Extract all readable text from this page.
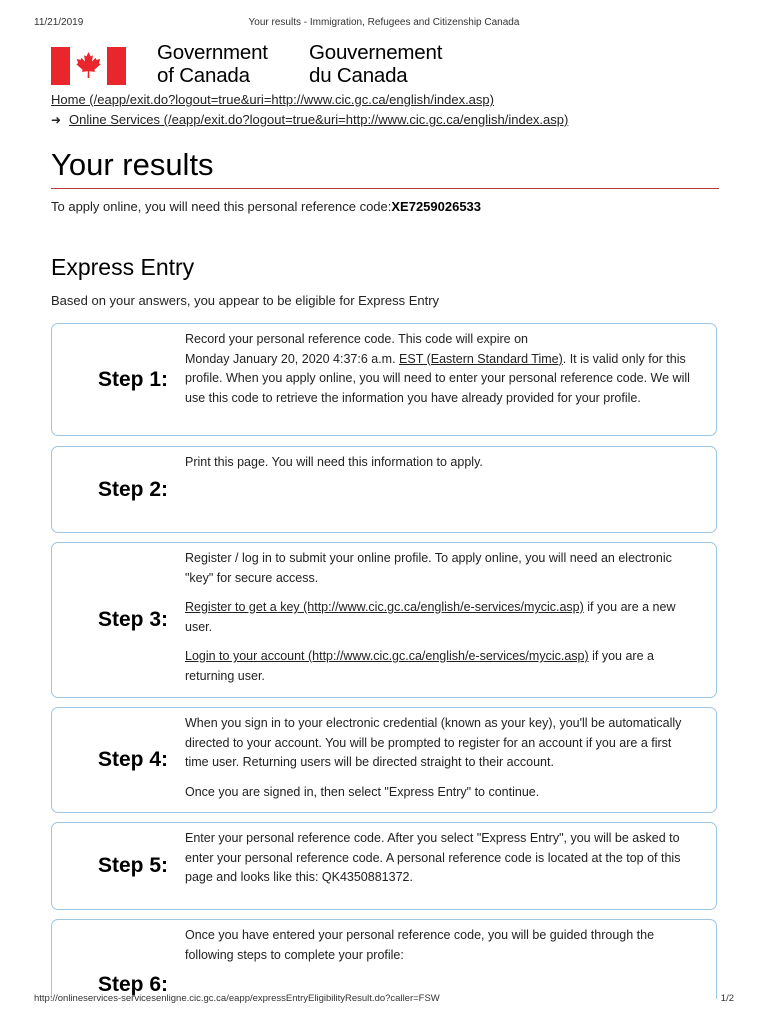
11/21/2019	Your results - Immigration, Refugees and Citizenship Canada
Government
of Canada
Gouvernement
du Canada
Home (/eapp/exit.do?logout=true&uri=http://www.cic.gc.ca/english/index.asp)
➜ Online Services (/eapp/exit.do?logout=true&uri=http://www.cic.gc.ca/english/index.asp)
Your results
To apply online, you will need this personal reference code:XE7259026533
Express Entry
Based on your answers, you appear to be eligible for Express Entry
Step 1:

Record your personal reference code. This code will expire on
Monday January 20, 2020 4:37:6 a.m. EST (Eastern Standard Time). It is valid only for this profile. When you apply online, you will need to enter your personal reference code. We will use this code to retrieve the information you have already provided for your profile.

Step 2:

Print this page. You will need this information to apply.

Step 3:

Register / log in to submit your online profile. To apply online, you will need an electronic "key" for secure access.

Register to get a key (http://www.cic.gc.ca/english/e-services/mycic.asp) if you are a new user.

Login to your account (http://www.cic.gc.ca/english/e-services/mycic.asp) if you are a returning user.

Step 4:

When you sign in to your electronic credential (known as your key), you'll be automatically directed to your account. You will be prompted to register for an account if you are a first time user. Returning users will be directed straight to their account.

Once you are signed in, then select "Express Entry" to continue.

Step 5:

Enter your personal reference code. After you select "Express Entry", you will be asked to enter your personal reference code. A personal reference code is located at the top of this page and looks like this: QK4350881372.

Step 6:

Once you have entered your personal reference code, you will be guided through the following steps to complete your profile:

http://onlineservices-servicesenligne.cic.gc.ca/eapp/expressEntryEligibilityResult.do?caller=FSW	1/2
